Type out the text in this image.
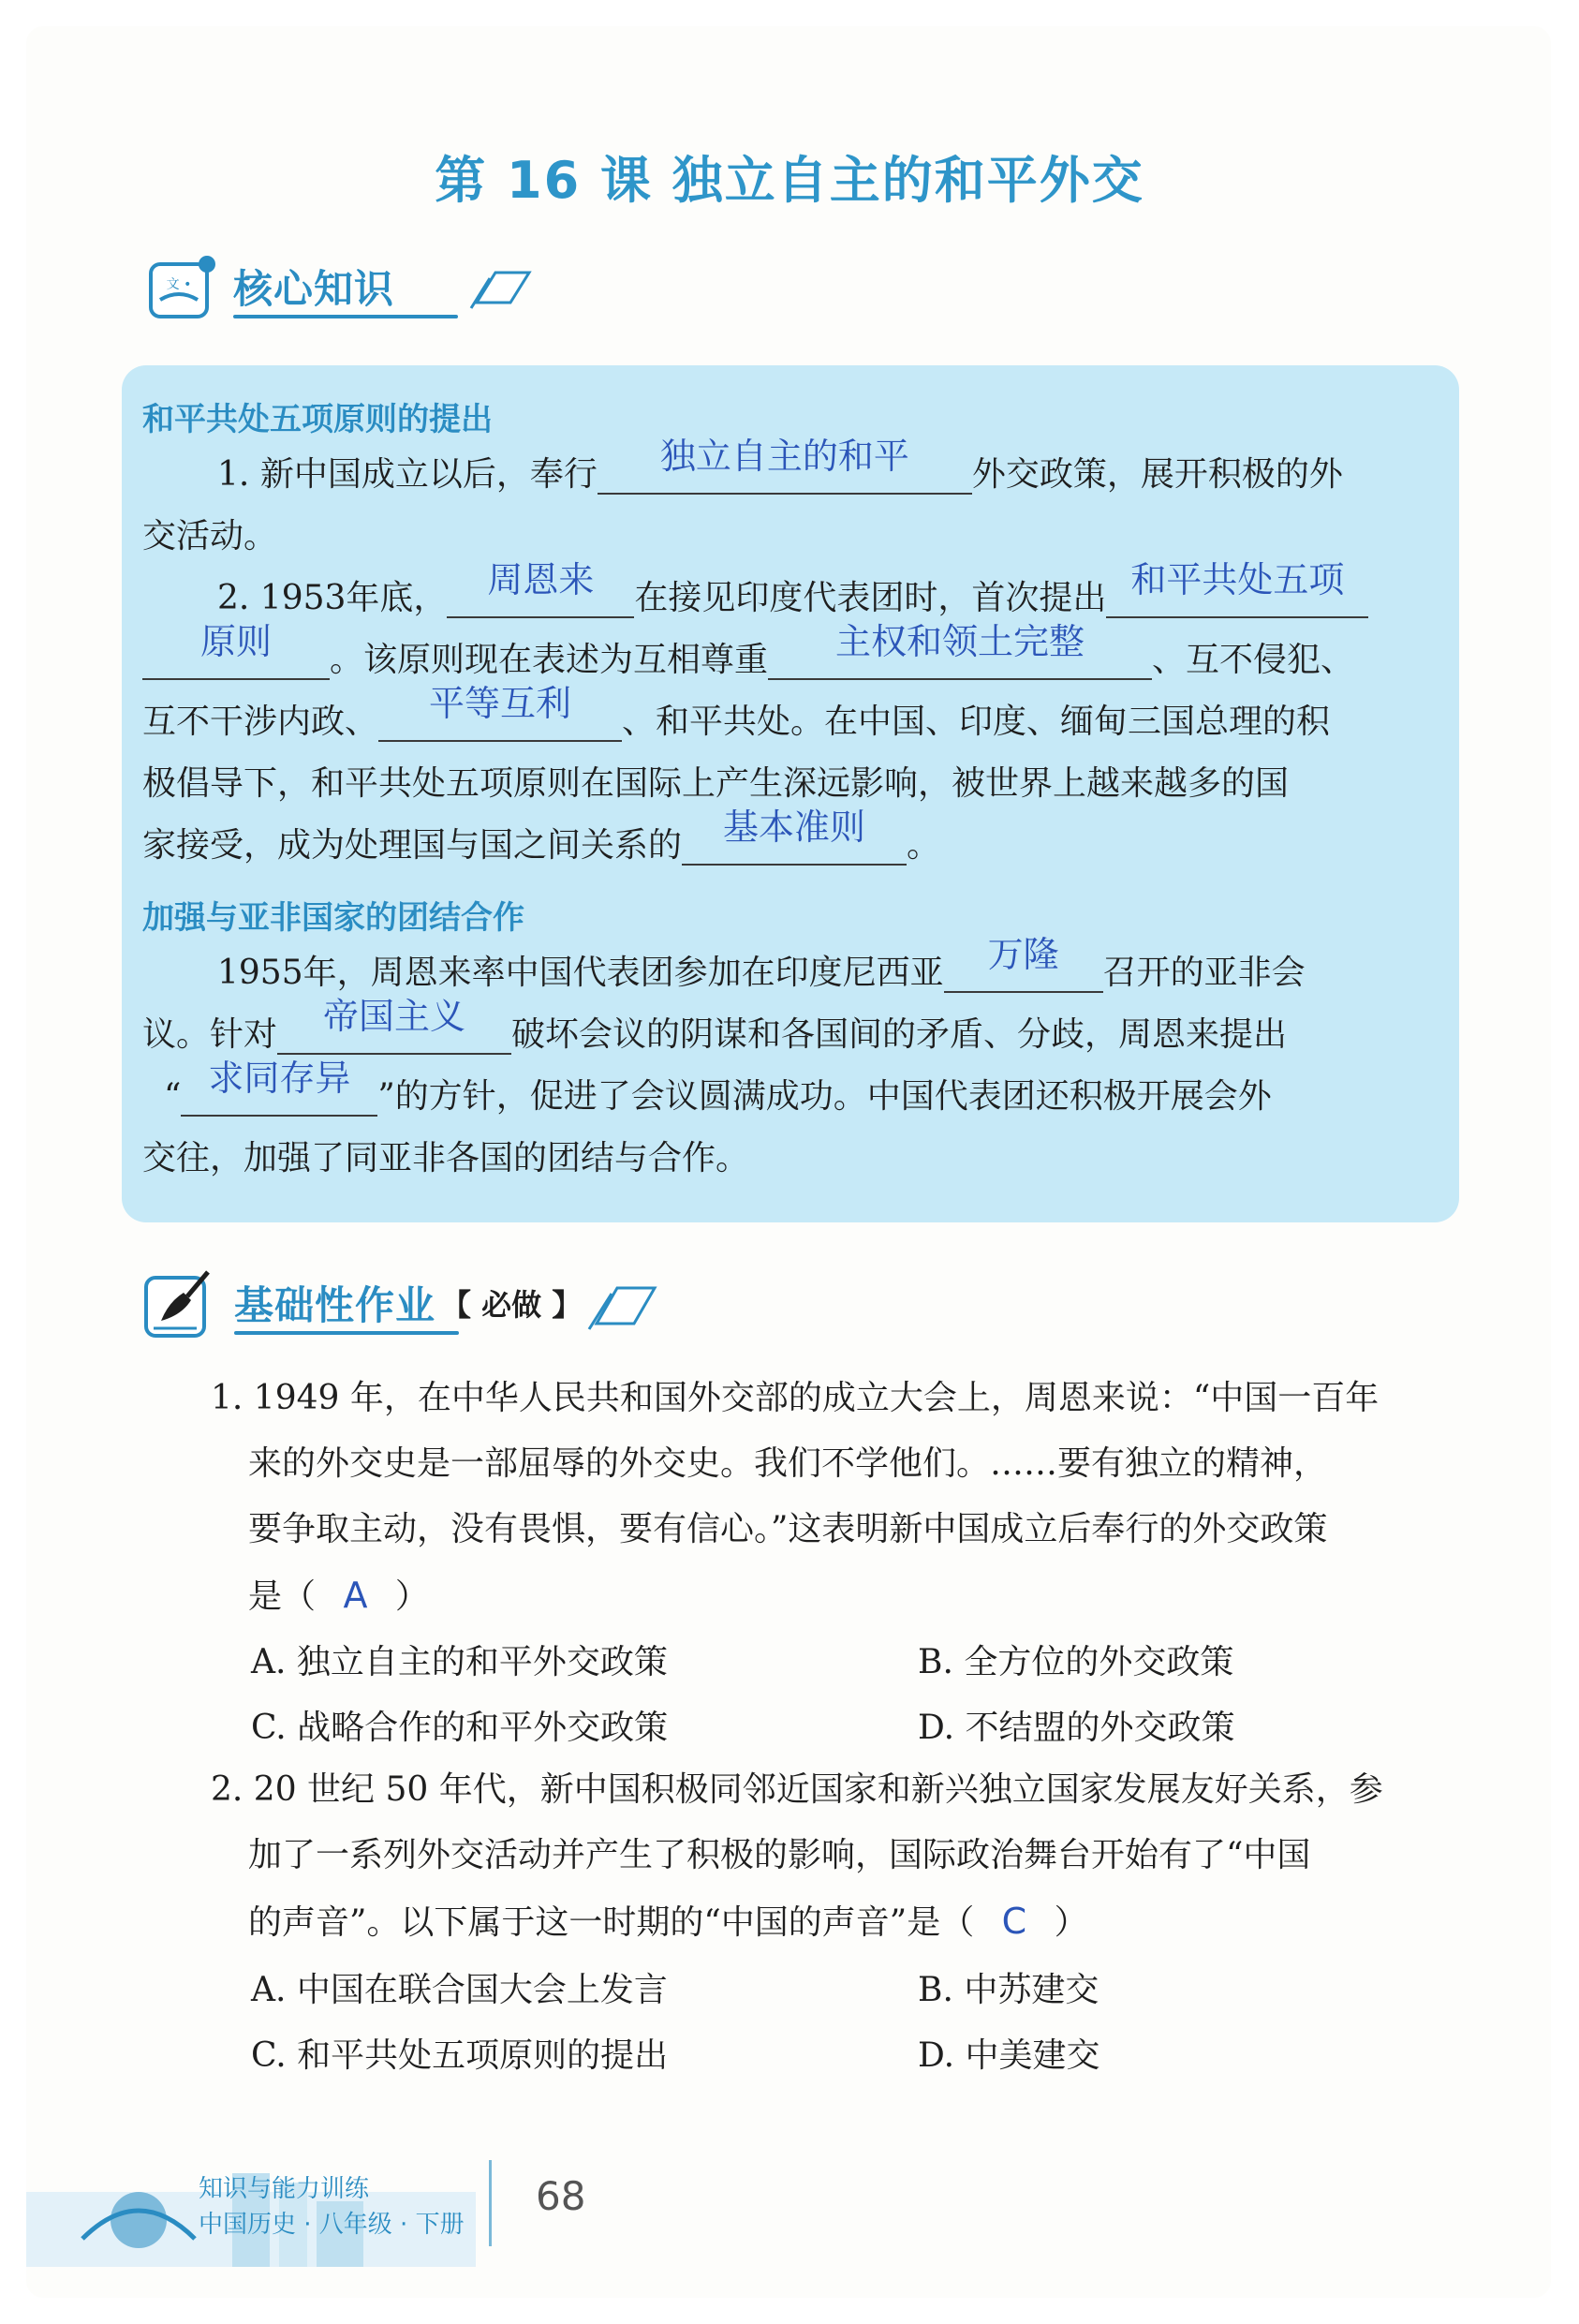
第 16 课 独立自主的和平外交
文 • 核心知识
和平共处五项原则的提出
1. 新中国成立以后，奉行	独立自主的和平	外交政策，展开积极的外
交活动。
2. 1953年底，	周恩来	在接见印度代表团时，首次提出 和平共处五项
原则	。该原则现在表述为互相尊重	主权和领土完整	、互不侵犯、
互不干涉内政、	平等互利	、和平共处。在中国、印度、缅甸三国总理的积
极倡导下，和平共处五项原则在国际上产生深远影响，被世界上越来越多的国
家接受，成为处理国与国之间关系的	基本准则	。
加强与亚非国家的团结合作
1955年，周恩来率中国代表团参加在印度尼西亚	万隆	召开的亚非会
议。针对	帝国主义	破坏会议的阴谋和各国间的矛盾、分歧，周恩来提出
“ 求同存异 ”的方针，促进了会议圆满成功。中国代表团还积极开展会外
交往，加强了同亚非各国的团结与合作。
基础性作业 【 必做 】
1. 1949 年，在中华人民共和国外交部的成立大会上，周恩来说：“中国一百年
来的外交史是一部屈辱的外交史。我们不学他们。……要有独立的精神，
要争取主动，没有畏惧，要有信心。”这表明新中国成立后奉行的外交政策
是（ A ）
A. 独立自主的和平外交政策	B. 全方位的外交政策
C. 战略合作的和平外交政策	D. 不结盟的外交政策
2. 20 世纪 50 年代，新中国积极同邻近国家和新兴独立国家发展友好关系，参
加了一系列外交活动并产生了积极的影响，国际政治舞台开始有了“中国
的声音”。以下属于这一时期的“中国的声音”是（ C ）
A. 中国在联合国大会上发言	B. 中苏建交
C. 和平共处五项原则的提出	D. 中美建交
知识与能力训练
中国历史 · 八年级 · 下册
68
